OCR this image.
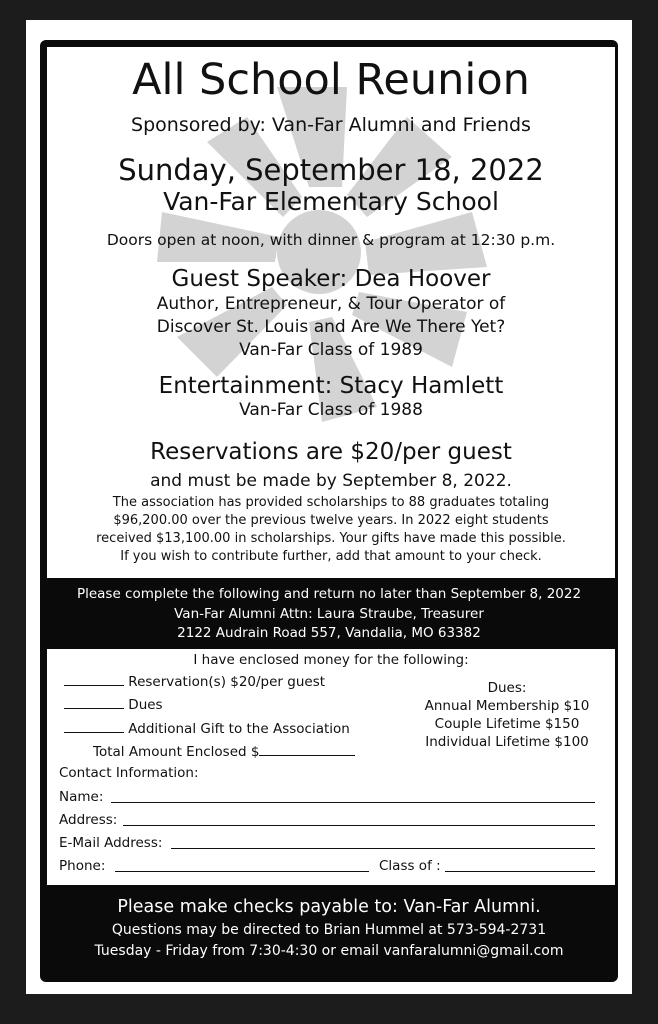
All School Reunion
Sponsored by: Van-Far Alumni and Friends
Sunday, September 18, 2022
Van-Far Elementary School
Doors open at noon, with dinner & program at 12:30 p.m.
Guest Speaker: Dea Hoover
Author, Entrepreneur, & Tour Operator of
Discover St. Louis and Are We There Yet?
Van-Far Class of 1989
Entertainment: Stacy Hamlett
Van-Far Class of 1988
Reservations are $20/per guest
and must be made by September 8, 2022.
The association has provided scholarships to 88 graduates totaling
$96,200.00 over the previous twelve years. In 2022 eight students
received $13,100.00 in scholarships. Your gifts have made this possible.
If you wish to contribute further, add that amount to your check.
Please complete the following and return no later than September 8, 2022
Van-Far Alumni Attn: Laura Straube, Treasurer
2122 Audrain Road 557, Vandalia, MO 63382
I have enclosed money for the following:
Reservation(s) $20/per guest
Dues
Additional Gift to the Association
Total Amount Enclosed $
Dues:
Annual Membership $10
Couple Lifetime $150
Individual Lifetime $100
Contact Information:
Name:
Address:
E-Mail Address:
Phone:	Class of :
Please make checks payable to: Van-Far Alumni.
Questions may be directed to Brian Hummel at 573-594-2731
Tuesday - Friday from 7:30-4:30 or email vanfaralumni@gmail.com
